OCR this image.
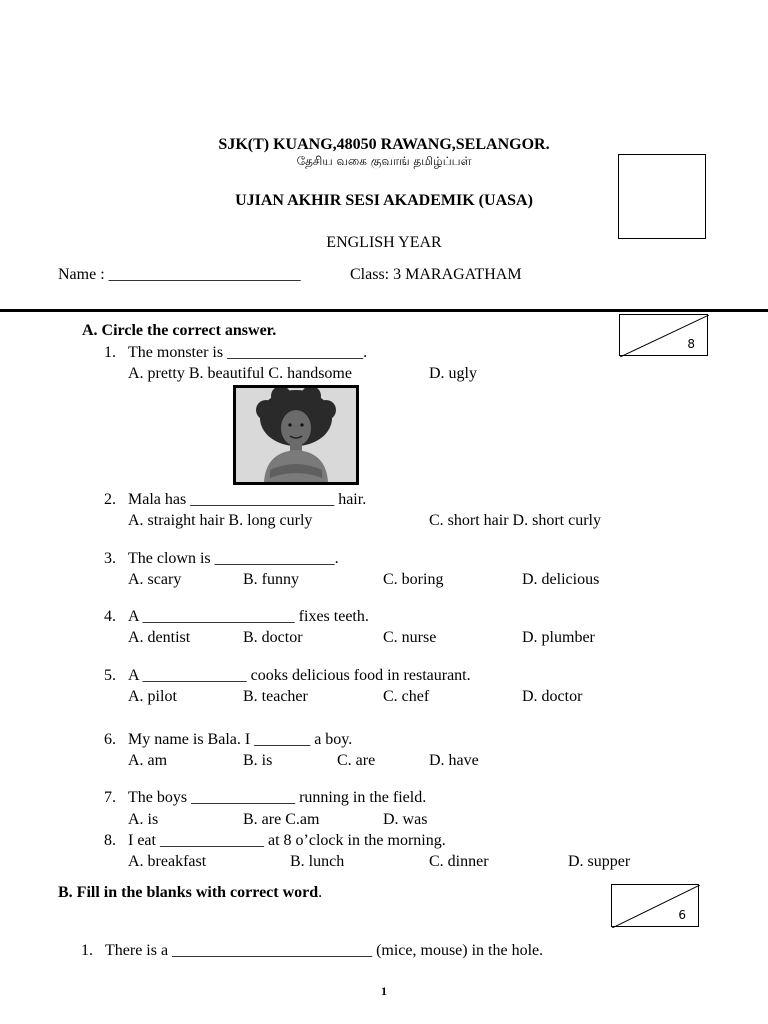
SJK(T) KUANG,48050 RAWANG,SELANGOR.
தேசிய வகை குவாங் தமிழ்ப்பள்
UJIAN AKHIR SESI AKADEMIK (UASA)
ENGLISH YEAR
Name : ________________________	Class: 3 MARAGATHAM
A. Circle the correct answer.
8
1. The monster is _________________.
A. pretty B. beautiful C. handsome	D. ugly
2. Mala has __________________ hair.
A. straight hair B. long curly	C. short hair D. short curly
3. The clown is _______________.
A. scary	B. funny	C. boring	D. delicious
4. A ___________________ fixes teeth.
A. dentist	B. doctor	C. nurse	D. plumber
5. A _____________ cooks delicious food in restaurant.
A. pilot	B. teacher	C. chef	D. doctor
6. My name is Bala. I _______ a boy.
A. am	B. is	C. are	D. have
7. The boys _____________ running in the field.
A. is	B. are C.am	D. was
8. I eat _____________ at 8 o’clock in the morning.
A. breakfast	B. lunch	C. dinner	D. supper
B. Fill in the blanks with correct word.
6
1. There is a _________________________ (mice, mouse) in the hole.
1
